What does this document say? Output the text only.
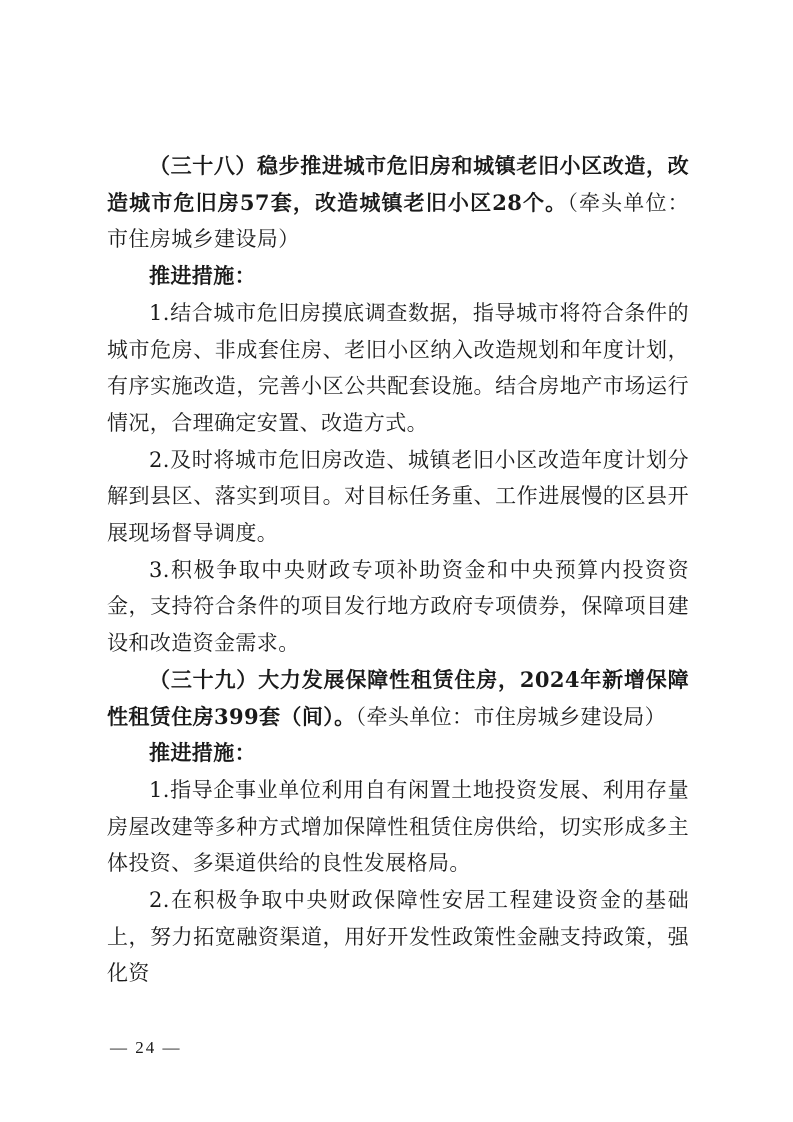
（三十八）稳步推进城市危旧房和城镇老旧小区改造，改造城市危旧房57套，改造城镇老旧小区28个。（牵头单位：市住房城乡建设局）

推进措施：

1.结合城市危旧房摸底调查数据，指导城市将符合条件的城市危房、非成套住房、老旧小区纳入改造规划和年度计划，有序实施改造，完善小区公共配套设施。结合房地产市场运行情况，合理确定安置、改造方式。

2.及时将城市危旧房改造、城镇老旧小区改造年度计划分解到县区、落实到项目。对目标任务重、工作进展慢的区县开展现场督导调度。

3.积极争取中央财政专项补助资金和中央预算内投资资金，支持符合条件的项目发行地方政府专项债券，保障项目建设和改造资金需求。

（三十九）大力发展保障性租赁住房，2024年新增保障性租赁住房399套（间）。（牵头单位：市住房城乡建设局）

推进措施：

1.指导企事业单位利用自有闲置土地投资发展、利用存量房屋改建等多种方式增加保障性租赁住房供给，切实形成多主体投资、多渠道供给的良性发展格局。

2.在积极争取中央财政保障性安居工程建设资金的基础上，努力拓宽融资渠道，用好开发性政策性金融支持政策，强化资

— 24 —
